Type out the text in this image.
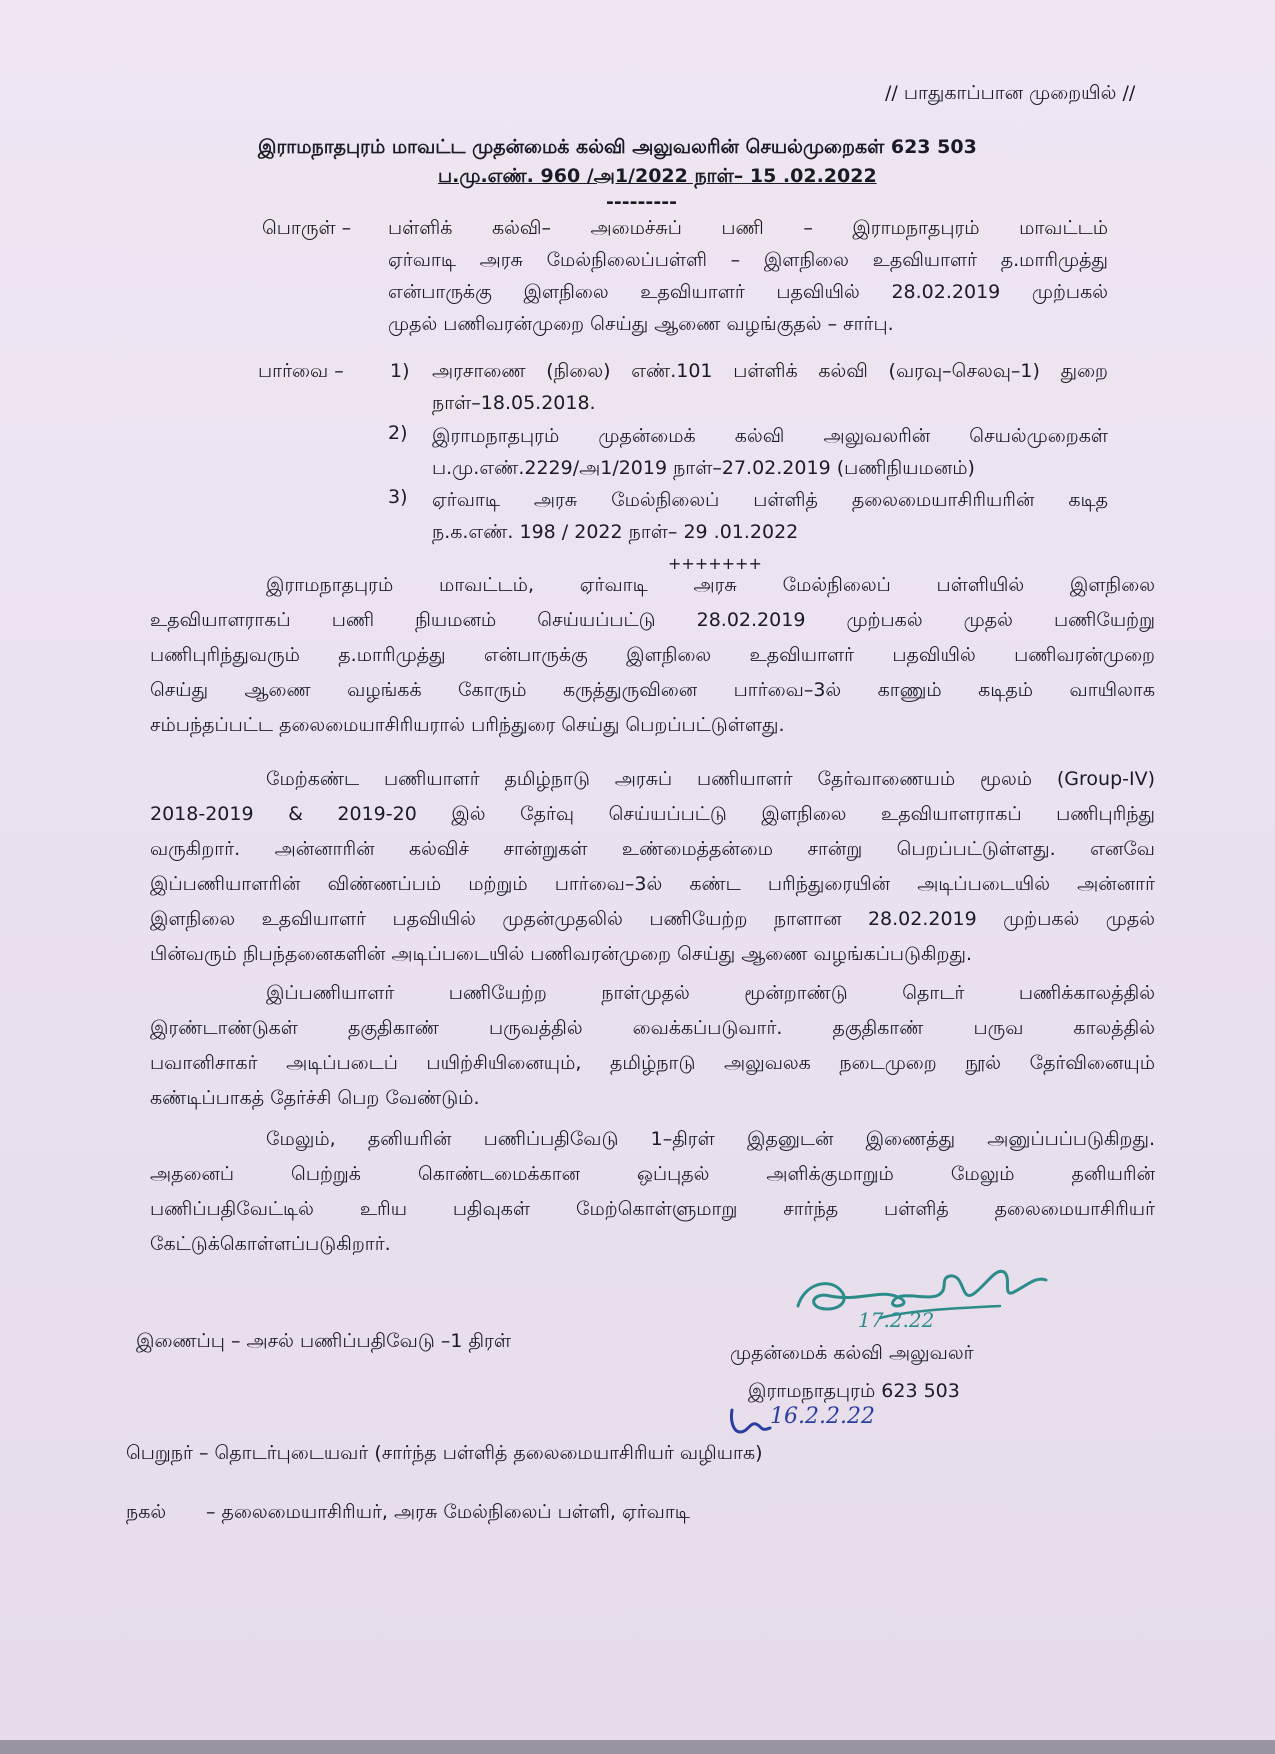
// பாதுகாப்பான முறையில் //
இராமநாதபுரம் மாவட்ட முதன்மைக் கல்வி அலுவலரின் செயல்முறைகள் 623 503
ப.மு.எண். 960 /அ1/2022 நாள்– 15 .02.2022
---------
பொருள் – பள்ளிக் கல்வி– அமைச்சுப் பணி – இராமநாதபுரம் மாவட்டம்
ஏர்வாடி அரசு மேல்நிலைப்பள்ளி – இளநிலை உதவியாளர் த.மாரிமுத்து
என்பாருக்கு இளநிலை உதவியாளர் பதவியில் 28.02.2019 முற்பகல்
முதல் பணிவரன்முறை செய்து ஆணை வழங்குதல் – சார்பு.
பார்வை – 1) அரசாணை (நிலை) எண்.101 பள்ளிக் கல்வி (வரவு–செலவு–1) துறை
நாள்–18.05.2018.
2) இராமநாதபுரம் முதன்மைக் கல்வி அலுவலரின் செயல்முறைகள்
ப.மு.எண்.2229/அ1/2019 நாள்–27.02.2019 (பணிநியமனம்)
3) ஏர்வாடி அரசு மேல்நிலைப் பள்ளித் தலைமையாசிரியரின் கடித
ந.க.எண். 198 / 2022 நாள்– 29 .01.2022
+++++++
இராமநாதபுரம் மாவட்டம், ஏர்வாடி அரசு மேல்நிலைப் பள்ளியில் இளநிலை
உதவியாளராகப் பணி நியமனம் செய்யப்பட்டு 28.02.2019 முற்பகல் முதல் பணியேற்று
பணிபுரிந்துவரும் த.மாரிமுத்து என்பாருக்கு இளநிலை உதவியாளர் பதவியில் பணிவரன்முறை
செய்து ஆணை வழங்கக் கோரும் கருத்துருவினை பார்வை–3ல் காணும் கடிதம் வாயிலாக
சம்பந்தப்பட்ட தலைமையாசிரியரால் பரிந்துரை செய்து பெறப்பட்டுள்ளது.
மேற்கண்ட பணியாளர் தமிழ்நாடு அரசுப் பணியாளர் தேர்வாணையம் மூலம் (Group-IV)
2018-2019 & 2019-20 இல் தேர்வு செய்யப்பட்டு இளநிலை உதவியாளராகப் பணிபுரிந்து
வருகிறார். அன்னாரின் கல்விச் சான்றுகள் உண்மைத்தன்மை சான்று பெறப்பட்டுள்ளது. எனவே
இப்பணியாளரின் விண்ணப்பம் மற்றும் பார்வை–3ல் கண்ட பரிந்துரையின் அடிப்படையில் அன்னார்
இளநிலை உதவியாளர் பதவியில் முதன்முதலில் பணியேற்ற நாளான 28.02.2019 முற்பகல் முதல்
பின்வரும் நிபந்தனைகளின் அடிப்படையில் பணிவரன்முறை செய்து ஆணை வழங்கப்படுகிறது.
இப்பணியாளர் பணியேற்ற நாள்முதல் மூன்றாண்டு தொடர் பணிக்காலத்தில்
இரண்டாண்டுகள் தகுதிகாண் பருவத்தில் வைக்கப்படுவார். தகுதிகாண் பருவ காலத்தில்
பவானிசாகர் அடிப்படைப் பயிற்சியினையும், தமிழ்நாடு அலுவலக நடைமுறை நூல் தேர்வினையும்
கண்டிப்பாகத் தேர்ச்சி பெற வேண்டும்.
மேலும், தனியரின் பணிப்பதிவேடு 1–திரள் இதனுடன் இணைத்து அனுப்பப்படுகிறது.
அதனைப் பெற்றுக் கொண்டமைக்கான ஒப்புதல் அளிக்குமாறும் மேலும் தனியரின்
பணிப்பதிவேட்டில் உரிய பதிவுகள் மேற்கொள்ளுமாறு சார்ந்த பள்ளித் தலைமையாசிரியர்
கேட்டுக்கொள்ளப்படுகிறார்.
17.2.22
இணைப்பு – அசல் பணிப்பதிவேடு –1 திரள்
முதன்மைக் கல்வி அலுவலர்
இராமநாதபுரம் 623 503
16.2.2.22
பெறுநர் – தொடர்புடையவர் (சார்ந்த பள்ளித் தலைமையாசிரியர் வழியாக)
நகல் – தலைமையாசிரியர், அரசு மேல்நிலைப் பள்ளி, ஏர்வாடி
